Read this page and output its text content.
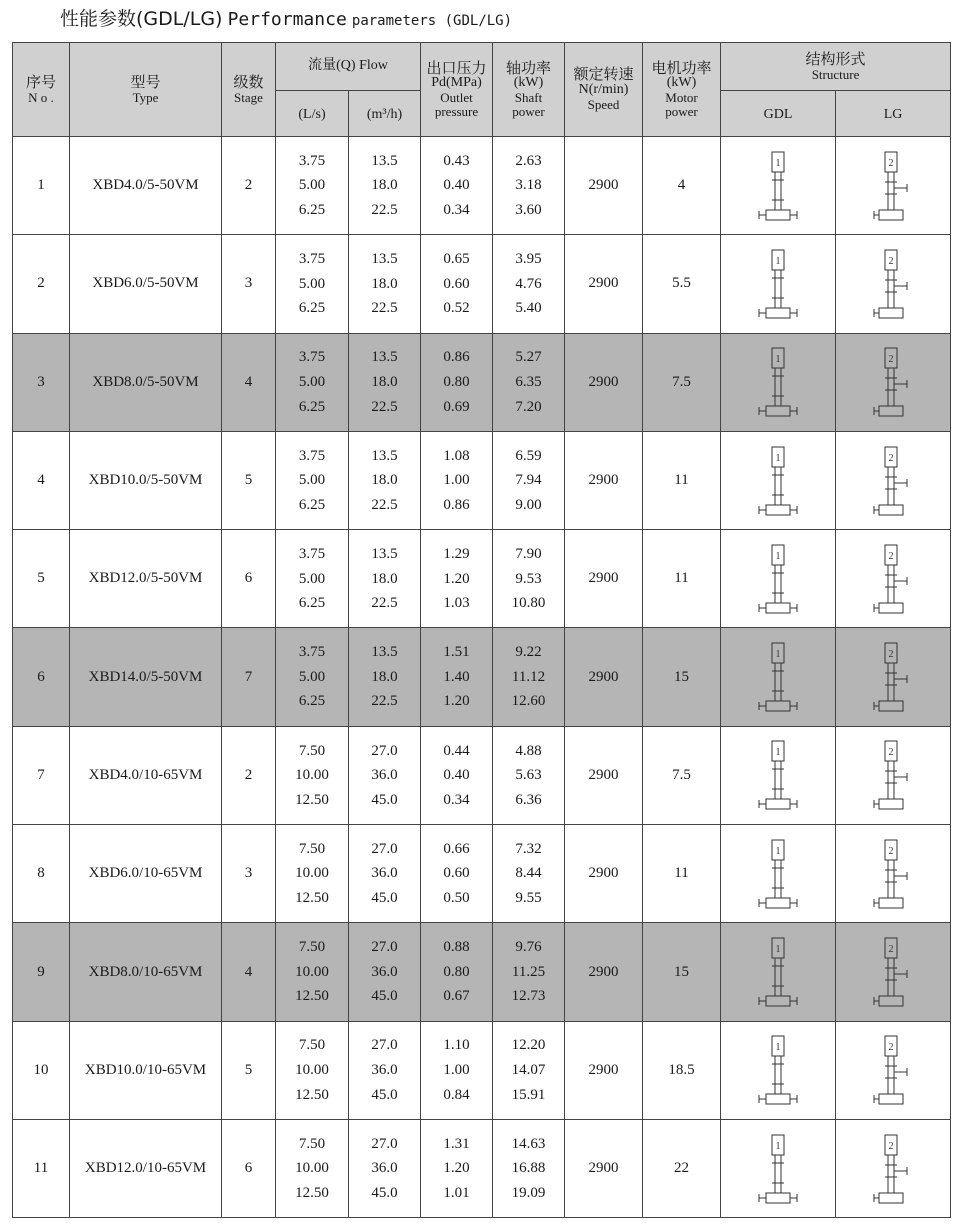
性能参数(GDL/LG) Performance parameters (GDL/LG)
序号
N o .	型号
Type	级数
Stage	流量(Q) Flow		出口压力
Pd(MPa)
Outlet
pressure	轴功率
(kW)
Shaft
power	额定转速
N(r/min)
Speed	电机功率
(kW)
Motor
power	结构形式
Structure	

			(L/s)	(m³/h)					GDL	LG
1	XBD4.0/5-50VM	2	3.75
5.00
6.25	13.5
18.0
22.5	0.43
0.40
0.34	2.63
3.18
3.60	2900	4	1	2

2	XBD6.0/5-50VM	3	3.75
5.00
6.25	13.5
18.0
22.5	0.65
0.60
0.52	3.95
4.76
5.40	2900	5.5	1	2

3	XBD8.0/5-50VM	4	3.75
5.00
6.25	13.5
18.0
22.5	0.86
0.80
0.69	5.27
6.35
7.20	2900	7.5	1	2

4	XBD10.0/5-50VM	5	3.75
5.00
6.25	13.5
18.0
22.5	1.08
1.00
0.86	6.59
7.94
9.00	2900	11	1	2

5	XBD12.0/5-50VM	6	3.75
5.00
6.25	13.5
18.0
22.5	1.29
1.20
1.03	7.90
9.53
10.80	2900	11	1	2

6	XBD14.0/5-50VM	7	3.75
5.00
6.25	13.5
18.0
22.5	1.51
1.40
1.20	9.22
11.12
12.60	2900	15	1	2

7	XBD4.0/10-65VM	2	7.50
10.00
12.50	27.0
36.0
45.0	0.44
0.40
0.34	4.88
5.63
6.36	2900	7.5	1	2

8	XBD6.0/10-65VM	3	7.50
10.00
12.50	27.0
36.0
45.0	0.66
0.60
0.50	7.32
8.44
9.55	2900	11	1	2

9	XBD8.0/10-65VM	4	7.50
10.00
12.50	27.0
36.0
45.0	0.88
0.80
0.67	9.76
11.25
12.73	2900	15	1	2

10	XBD10.0/10-65VM	5	7.50
10.00
12.50	27.0
36.0
45.0	1.10
1.00
0.84	12.20
14.07
15.91	2900	18.5	1	2

11	XBD12.0/10-65VM	6	7.50
10.00
12.50	27.0
36.0
45.0	1.31
1.20
1.01	14.63
16.88
19.09	2900	22	1	2
